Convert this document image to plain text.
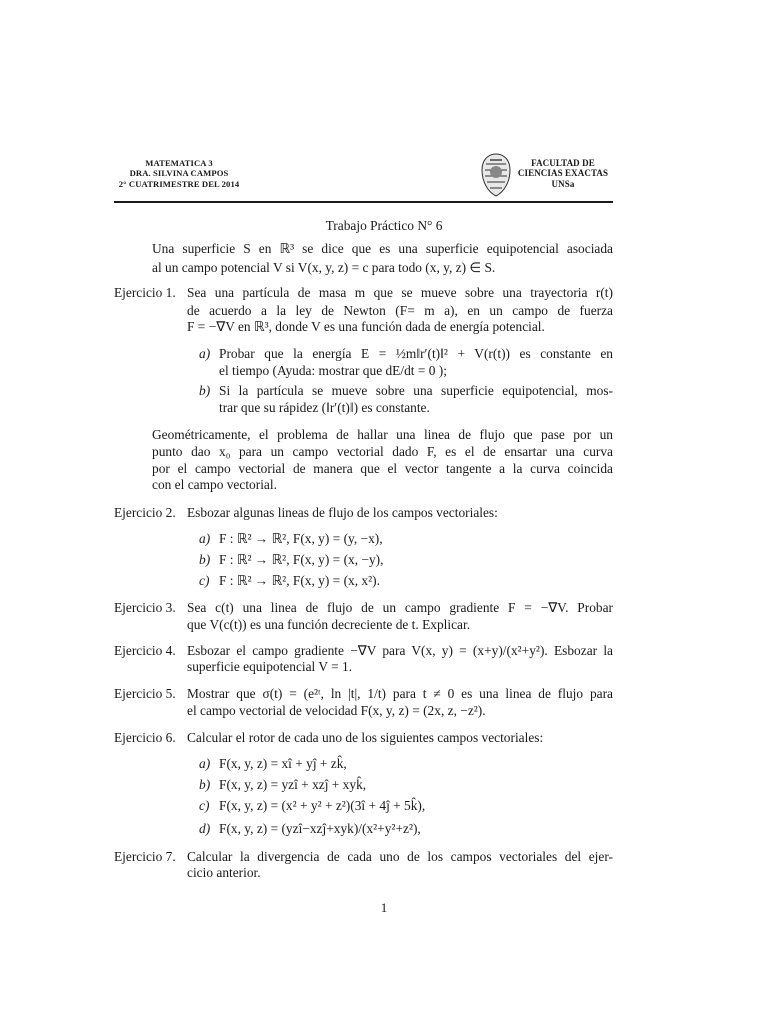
MATEMATICA 3
DRA. SILVINA CAMPOS
2° CUATRIMESTRE DEL 2014
FACULTAD DE
CIENCIAS EXACTAS
UNSa
Trabajo Práctico N° 6
Una superficie S en ℝ³ se dice que es una superficie equipotencial asociada
al un campo potencial V si V(x, y, z) = c para todo (x, y, z) ∈ S.
Ejercicio 1. Sea una partícula de masa m que se mueve sobre una trayectoria r(t)
de acuerdo a la ley de Newton (F= m a), en un campo de fuerza
F = −∇V en ℝ³, donde V es una función dada de energía potencial.
a) Probar que la energía E = ½m‖r′(t)‖² + V(r(t)) es constante en
el tiempo (Ayuda: mostrar que dE/dt = 0 );
b) Si la partícula se mueve sobre una superficie equipotencial, mos-
trar que su rápidez (‖r′(t)‖) es constante.
Geométricamente, el problema de hallar una linea de flujo que pase por un
punto dao x₀ para un campo vectorial dado F, es el de ensartar una curva
por el campo vectorial de manera que el vector tangente a la curva coincida
con el campo vectorial.
Ejercicio 2. Esbozar algunas lineas de flujo de los campos vectoriales:
a) F : ℝ² → ℝ², F(x, y) = (y, −x),
b) F : ℝ² → ℝ², F(x, y) = (x, −y),
c) F : ℝ² → ℝ², F(x, y) = (x, x²).
Ejercicio 3. Sea c(t) una linea de flujo de un campo gradiente F = −∇V. Probar
que V(c(t)) es una función decreciente de t. Explicar.
Ejercicio 4. Esbozar el campo gradiente −∇V para V(x, y) = (x+y)/(x²+y²). Esbozar la
superficie equipotencial V = 1.
Ejercicio 5. Mostrar que σ(t) = (e²ᵗ, ln |t|, 1/t) para t ≠ 0 es una linea de flujo para
el campo vectorial de velocidad F(x, y, z) = (2x, z, −z²).
Ejercicio 6. Calcular el rotor de cada uno de los siguientes campos vectoriales:
a) F(x, y, z) = xî + yĵ + zk̂,
b) F(x, y, z) = yzî + xzĵ + xyk̂,
c) F(x, y, z) = (x² + y² + z²)(3î + 4ĵ + 5k̂),
d) F(x, y, z) = (yzî−xzĵ+xyk)/(x²+y²+z²),
Ejercicio 7. Calcular la divergencia de cada uno de los campos vectoriales del ejer-
cicio anterior.
1
